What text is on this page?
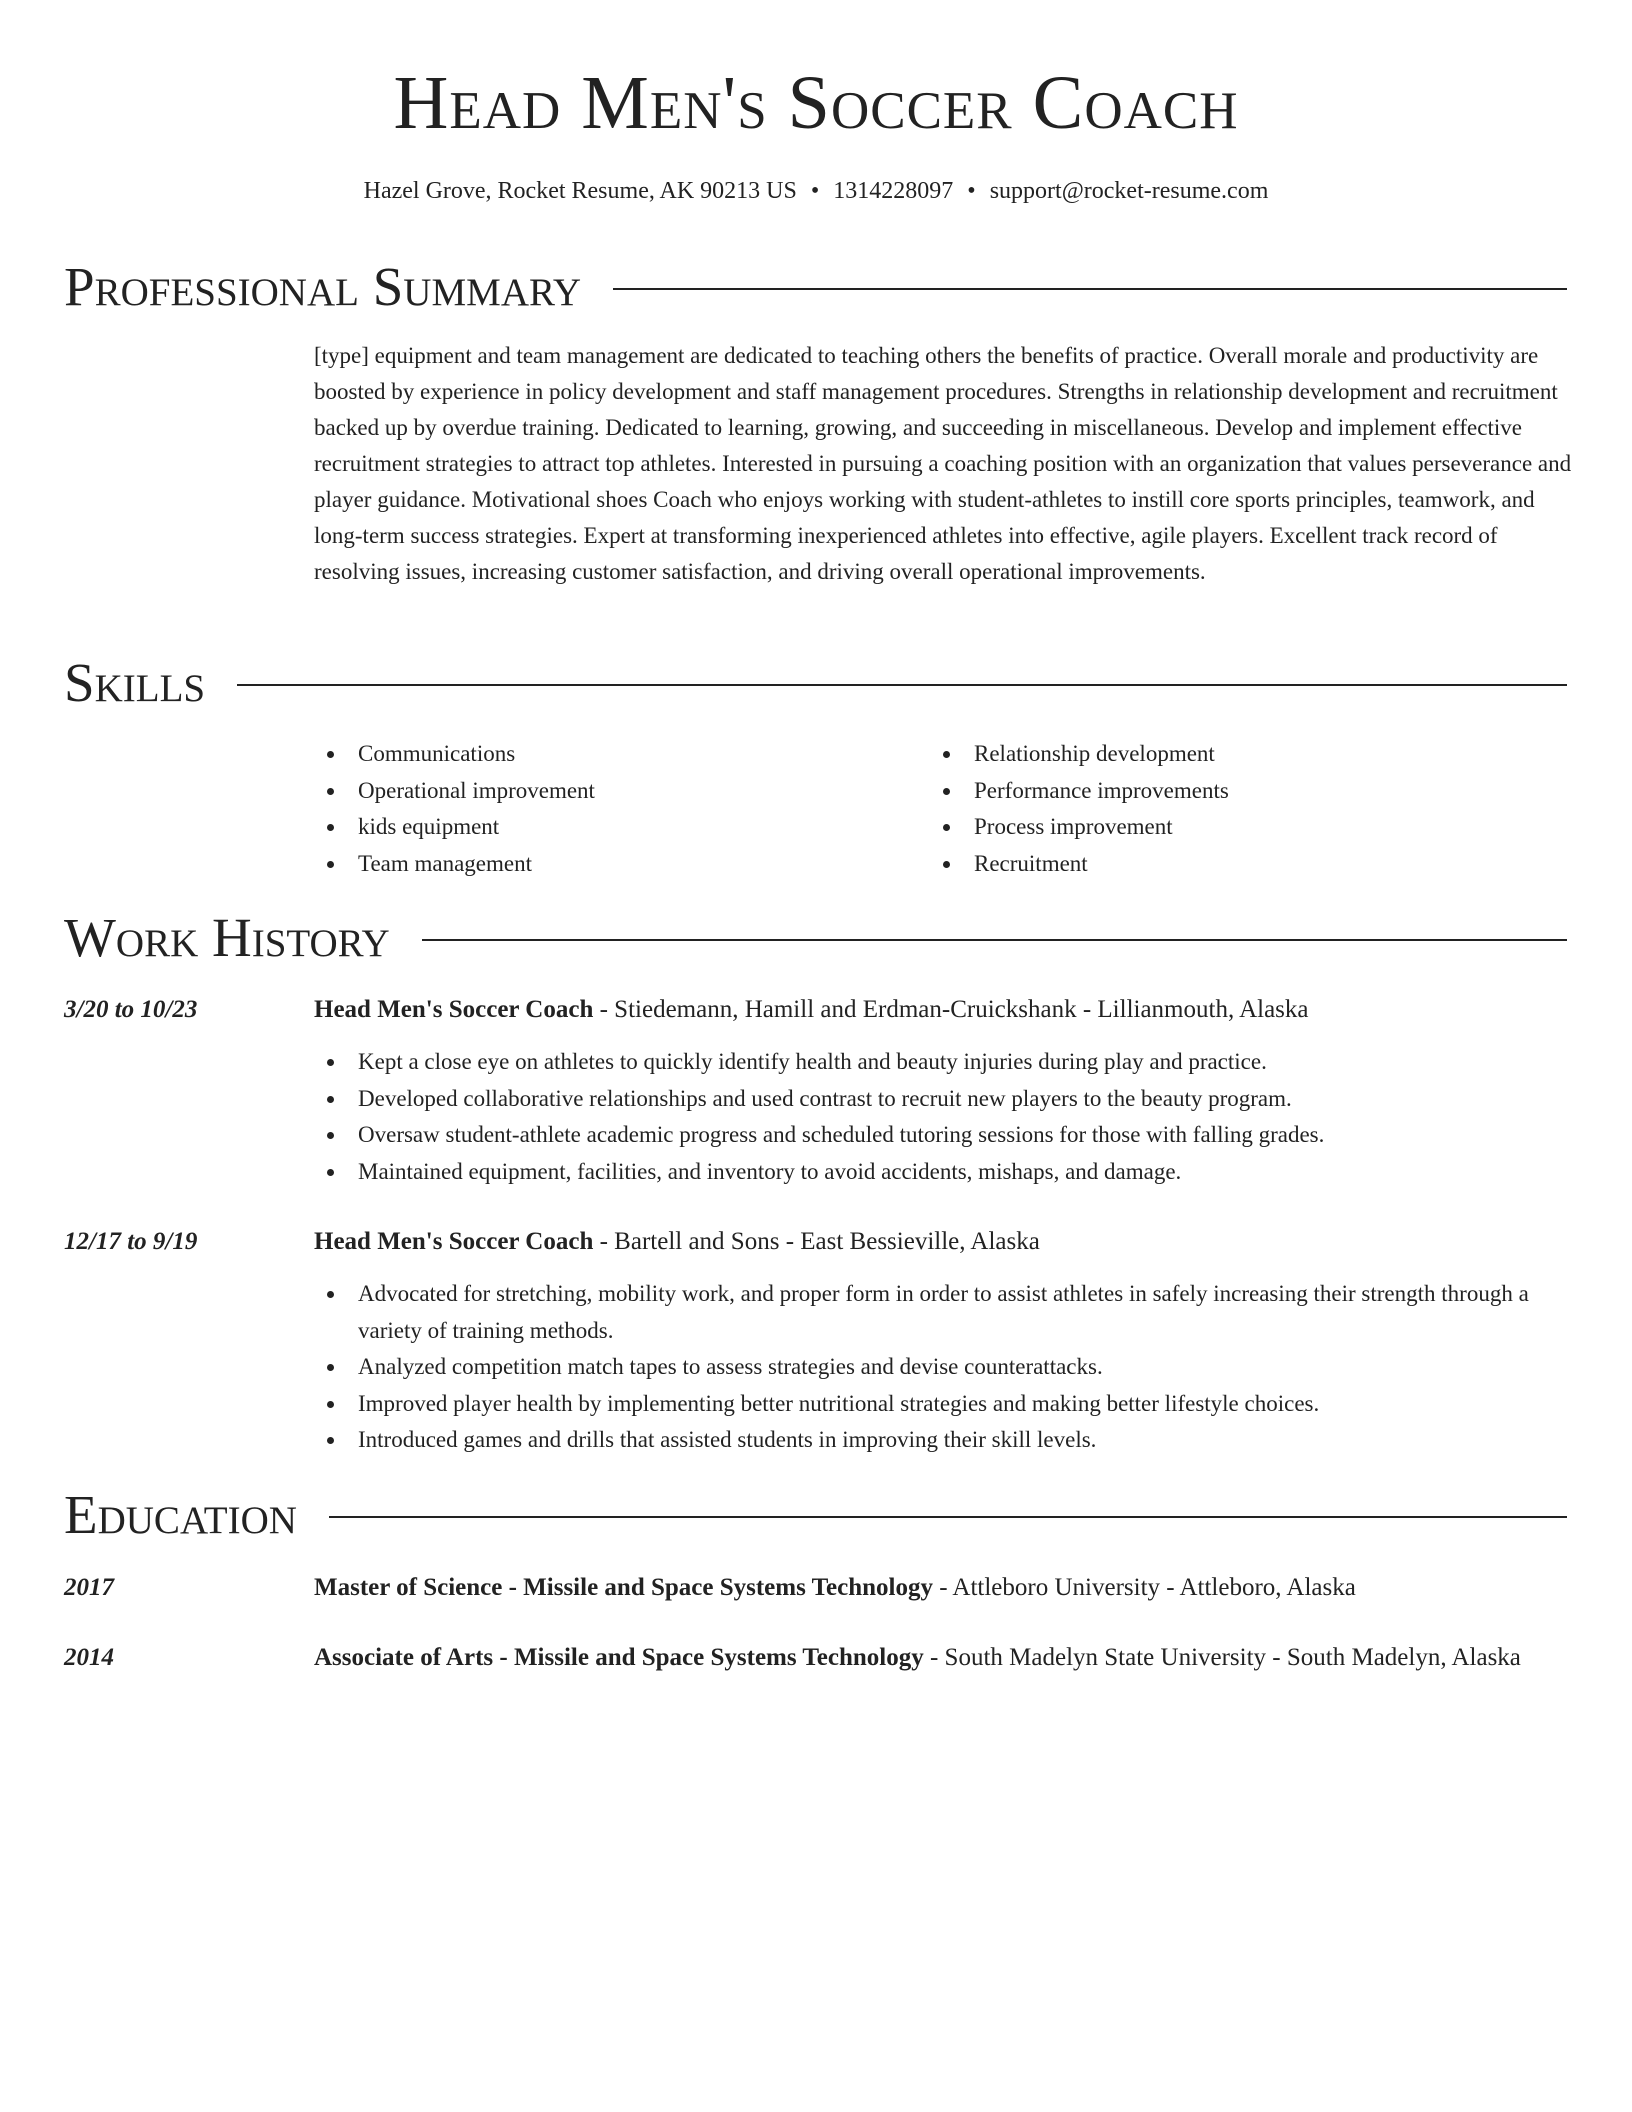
Head Men's Soccer Coach
Hazel Grove, Rocket Resume, AK 90213 US • 1314228097 • support@rocket-resume.com
Professional Summary

[type] equipment and team management are dedicated to teaching others the benefits of practice. Overall morale and productivity are boosted by experience in policy development and staff management procedures. Strengths in relationship development and recruitment backed up by overdue training. Dedicated to learning, growing, and succeeding in miscellaneous. Develop and implement effective recruitment strategies to attract top athletes. Interested in pursuing a coaching position with an organization that values perseverance and player guidance. Motivational shoes Coach who enjoys working with student-athletes to instill core sports principles, teamwork, and long-term success strategies. Expert at transforming inexperienced athletes into effective, agile players. Excellent track record of resolving issues, increasing customer satisfaction, and driving overall operational improvements.

Skills
Communications
Operational improvement
kids equipment
Team management
Relationship development
Performance improvements
Process improvement
Recruitment
Work History
3/20 to 10/23	Head Men's Soccer Coach - Stiedemann, Hamill and Erdman-Cruickshank - Lillianmouth, Alaska
Kept a close eye on athletes to quickly identify health and beauty injuries during play and practice.
Developed collaborative relationships and used contrast to recruit new players to the beauty program.
Oversaw student-athlete academic progress and scheduled tutoring sessions for those with falling grades.
Maintained equipment, facilities, and inventory to avoid accidents, mishaps, and damage.
12/17 to 9/19	Head Men's Soccer Coach - Bartell and Sons - East Bessieville, Alaska
Advocated for stretching, mobility work, and proper form in order to assist athletes in safely increasing their strength through a variety of training methods.
Analyzed competition match tapes to assess strategies and devise counterattacks.
Improved player health by implementing better nutritional strategies and making better lifestyle choices.
Introduced games and drills that assisted students in improving their skill levels.
Education
2017	Master of Science - Missile and Space Systems Technology - Attleboro University - Attleboro, Alaska
2014	Associate of Arts - Missile and Space Systems Technology - South Madelyn State University - South Madelyn, Alaska
